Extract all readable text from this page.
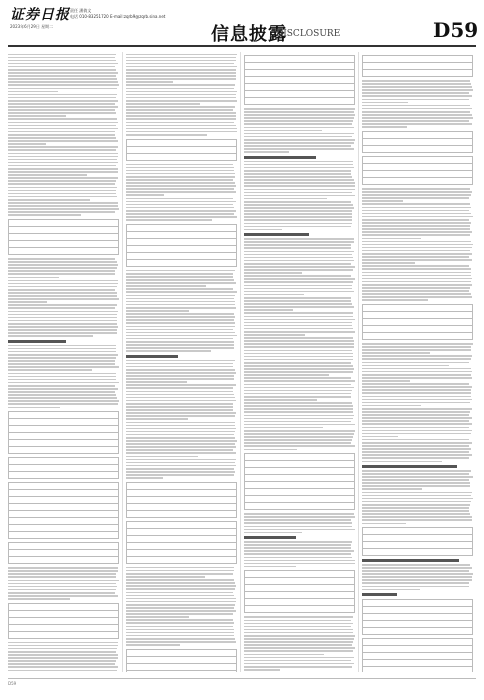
证券日报 责任 潘倩文
电话 010-83251720 E-mail:zqrb9@zqrb.sina.net
2023年6月29日 星期二	信息披露
DISCLOSURE	D59
D59
